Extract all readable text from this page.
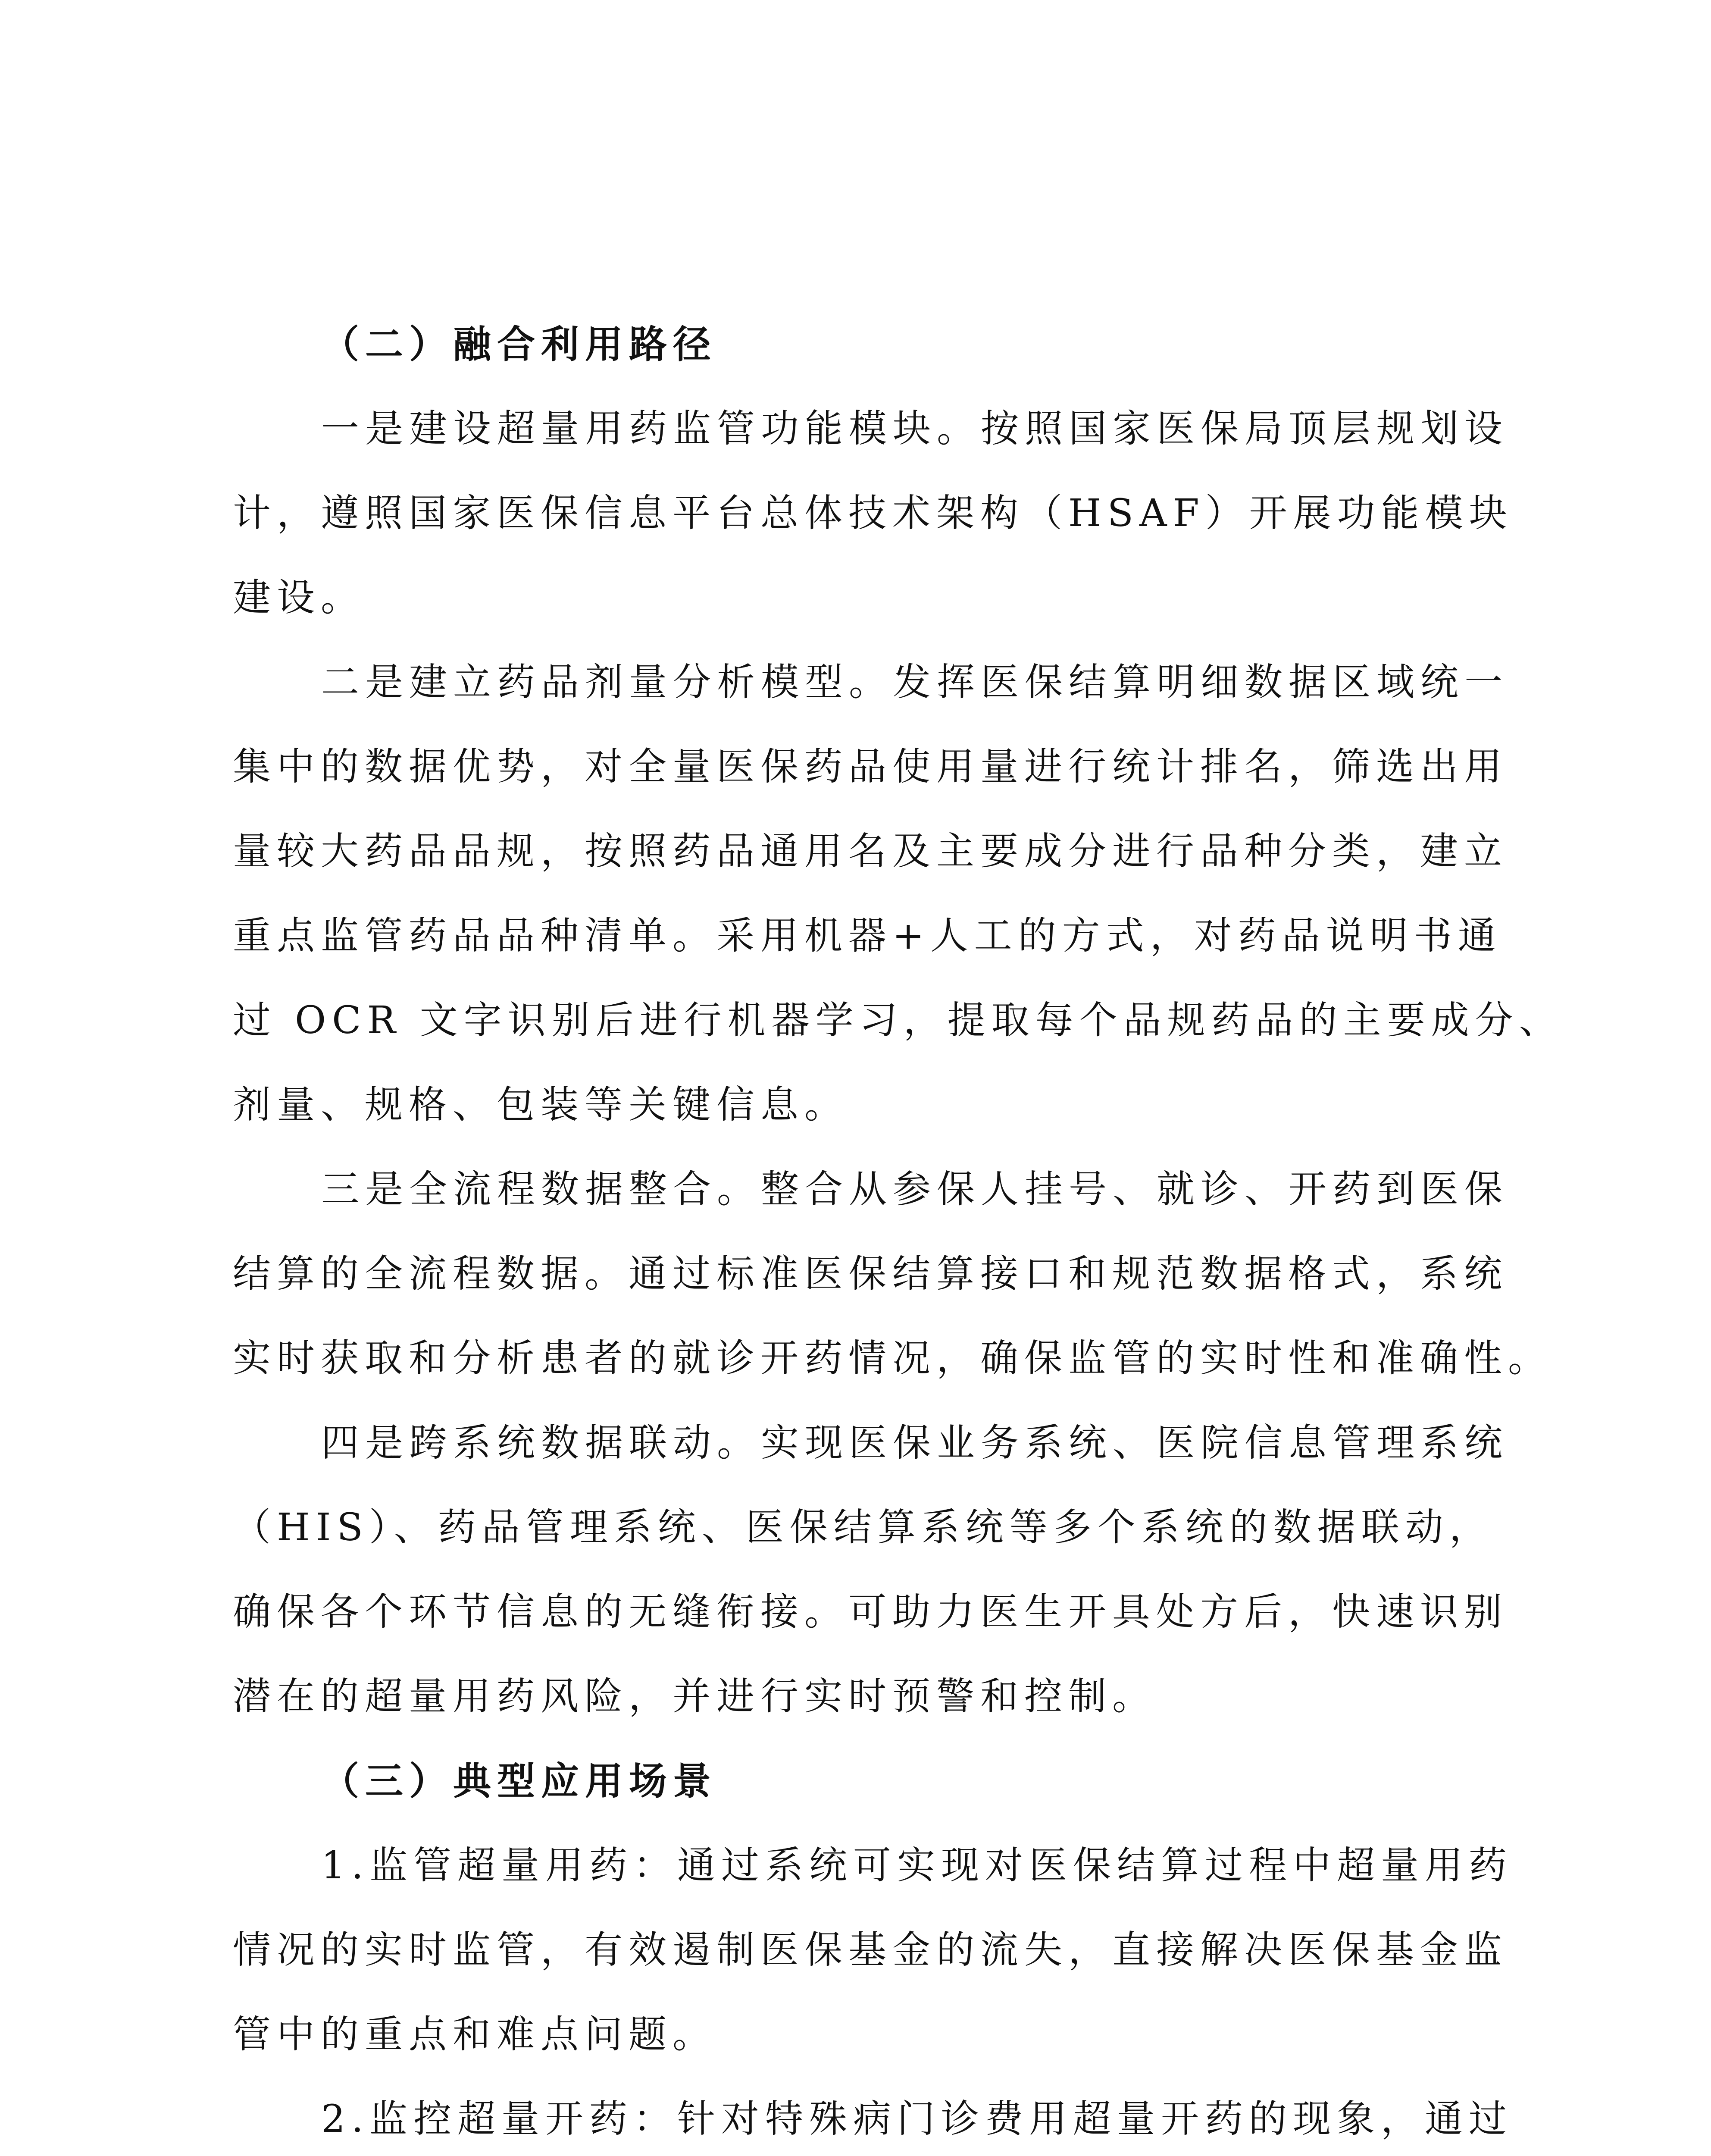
（二）融合利用路径
一是建设超量用药监管功能模块。按照国家医保局顶层规划设
计，遵照国家医保信息平台总体技术架构（HSAF）开展功能模块
建设。
二是建立药品剂量分析模型。发挥医保结算明细数据区域统一
集中的数据优势，对全量医保药品使用量进行统计排名，筛选出用
量较大药品品规，按照药品通用名及主要成分进行品种分类，建立
重点监管药品品种清单。采用机器+人工的方式，对药品说明书通
过 OCR 文字识别后进行机器学习，提取每个品规药品的主要成分、
剂量、规格、包装等关键信息。
三是全流程数据整合。整合从参保人挂号、就诊、开药到医保
结算的全流程数据。通过标准医保结算接口和规范数据格式，系统
实时获取和分析患者的就诊开药情况，确保监管的实时性和准确性。
四是跨系统数据联动。实现医保业务系统、医院信息管理系统
（HIS）、药品管理系统、医保结算系统等多个系统的数据联动，
确保各个环节信息的无缝衔接。可助力医生开具处方后，快速识别
潜在的超量用药风险，并进行实时预警和控制。
（三）典型应用场景
1.监管超量用药：通过系统可实现对医保结算过程中超量用药
情况的实时监管，有效遏制医保基金的流失，直接解决医保基金监
管中的重点和难点问题。
2.监控超量开药：针对特殊病门诊费用超量开药的现象，通过
